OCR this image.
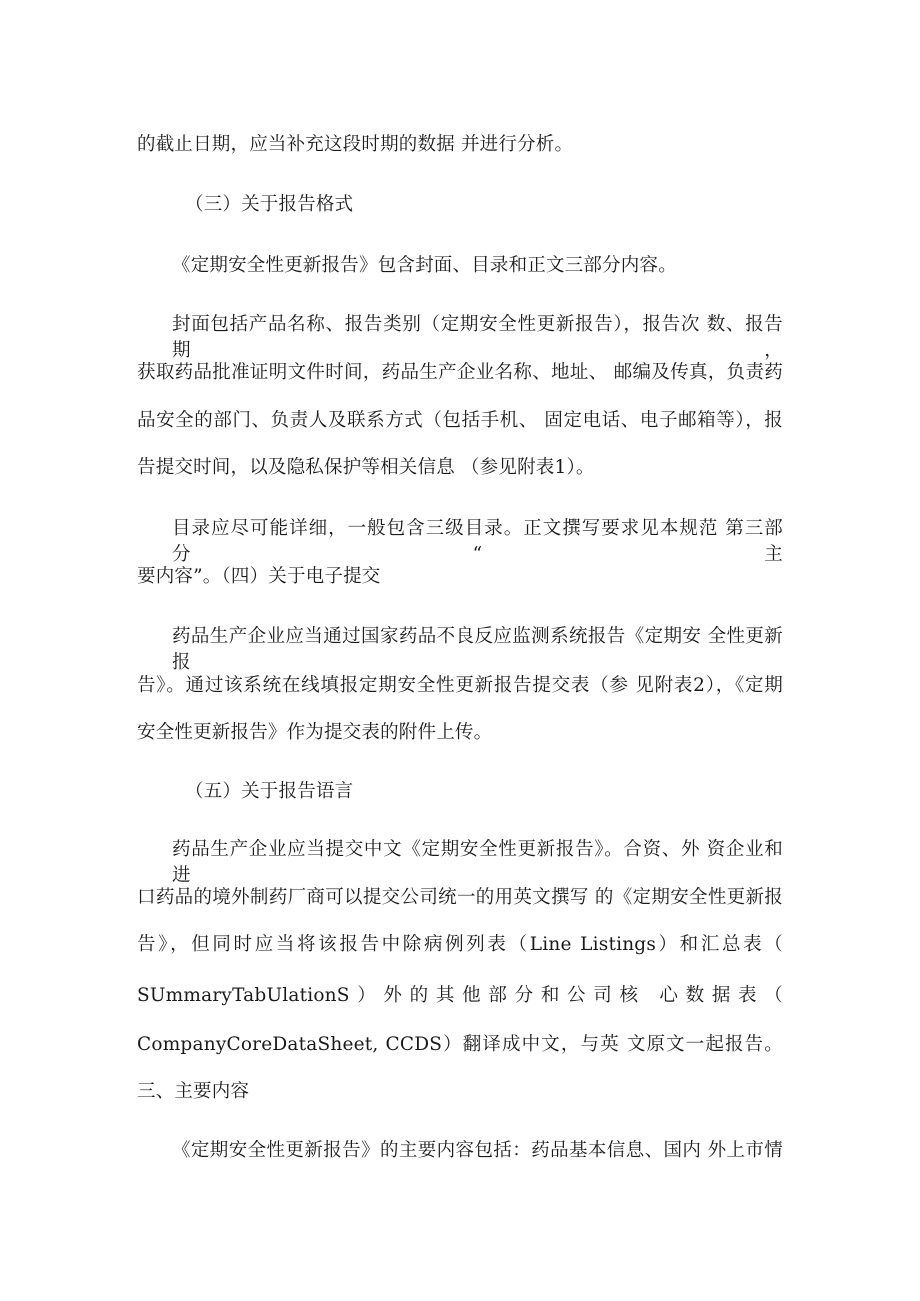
的截止日期，应当补充这段时期的数据 并进行分析。
（三）关于报告格式
《定期安全性更新报告》包含封面、目录和正文三部分内容。
封面包括产品名称、报告类别（定期安全性更新报告），报告次 数、报告期，
获取药品批准证明文件时间，药品生产企业名称、地址、 邮编及传真，负责药
品安全的部门、负责人及联系方式（包括手机、 固定电话、电子邮箱等），报
告提交时间，以及隐私保护等相关信息 （参见附表1）。
目录应尽可能详细，一般包含三级目录。正文撰写要求见本规范 第三部分“主
要内容”。（四）关于电子提交
药品生产企业应当通过国家药品不良反应监测系统报告《定期安 全性更新报
告》。通过该系统在线填报定期安全性更新报告提交表（参 见附表2），《定期
安全性更新报告》作为提交表的附件上传。
（五）关于报告语言
药品生产企业应当提交中文《定期安全性更新报告》。合资、外 资企业和进
口药品的境外制药厂商可以提交公司统一的用英文撰写 的《定期安全性更新报
告》，但同时应当将该报告中除病例列表（Line Listings）和汇总表（
SUmmaryTabUlationS）外的其他部分和公司核 心数据表（
CompanyCoreDataSheet, CCDS）翻译成中文，与英 文原文一起报告。
三、主要内容
《定期安全性更新报告》的主要内容包括：药品基本信息、国内 外上市情
